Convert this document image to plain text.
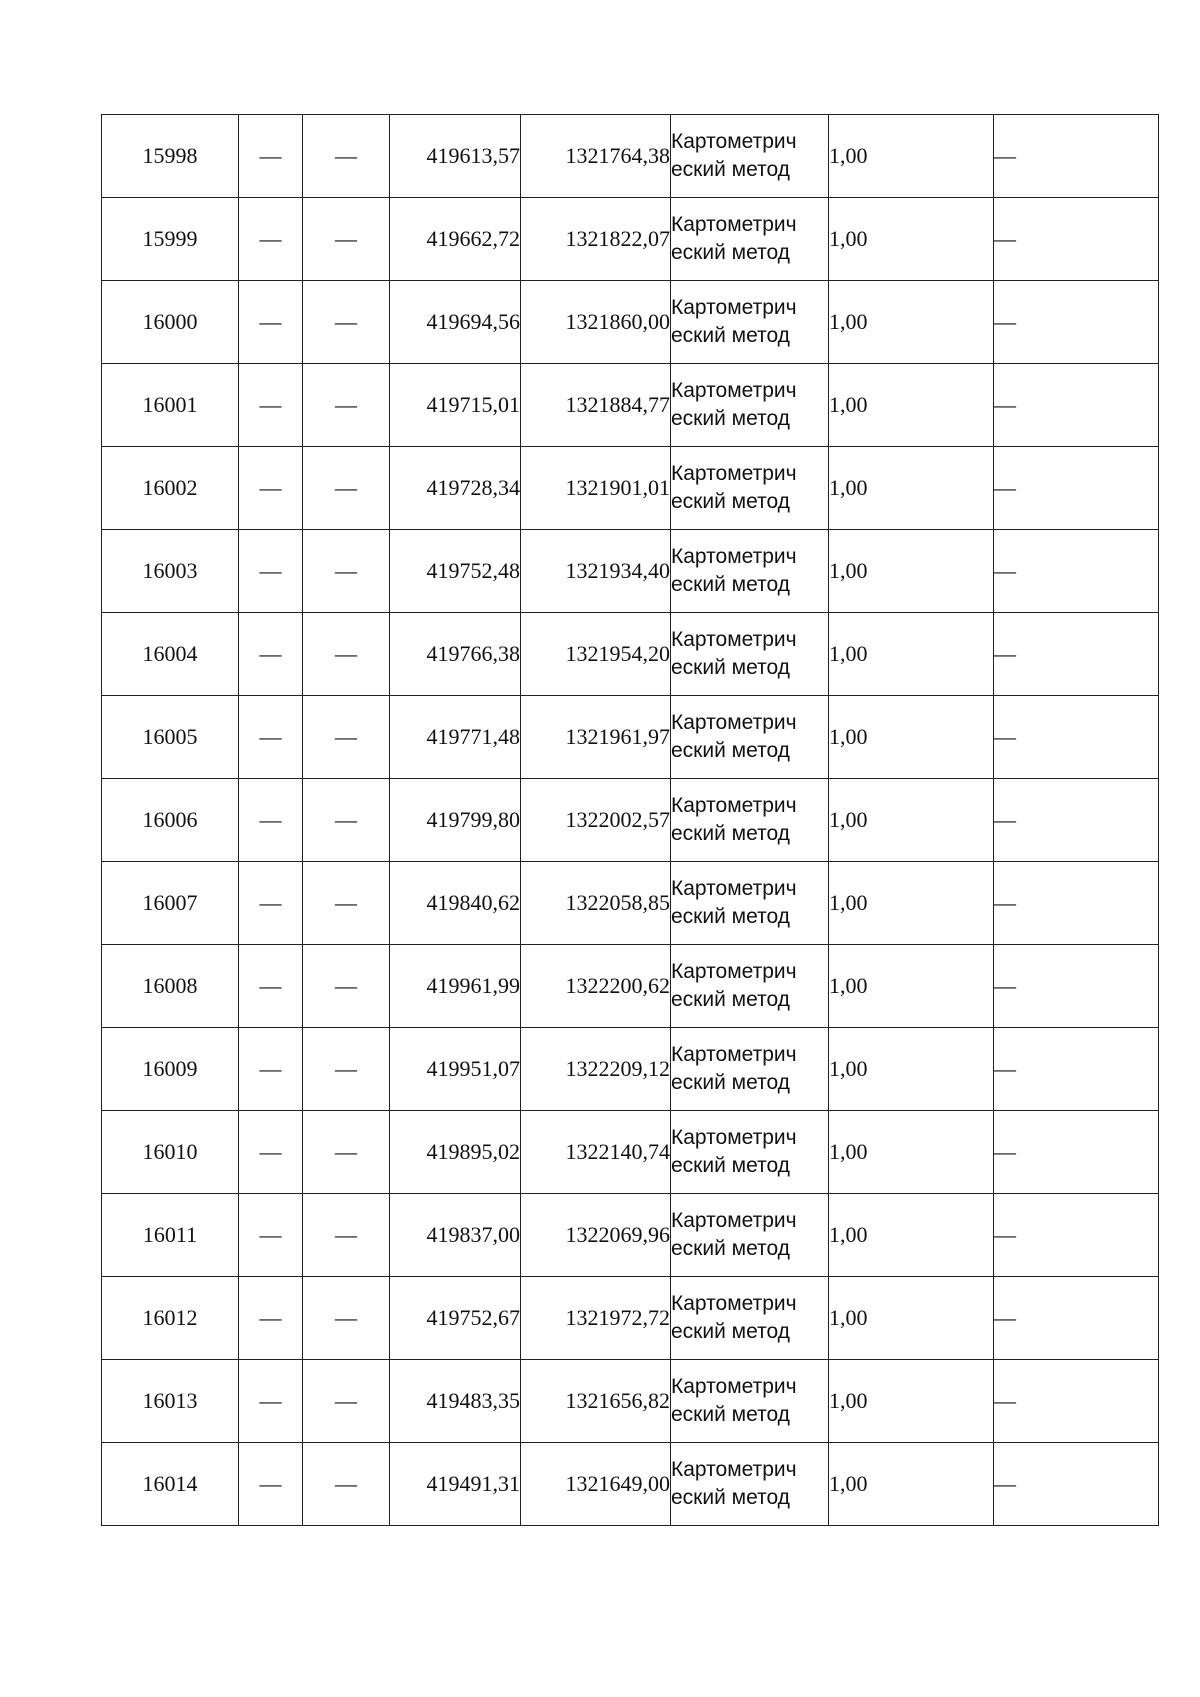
15998	—	—	419613,57	1321764,38	Картометрический метод	1,00	—
15999	—	—	419662,72	1321822,07	Картометрический метод	1,00	—
16000	—	—	419694,56	1321860,00	Картометрический метод	1,00	—
16001	—	—	419715,01	1321884,77	Картометрический метод	1,00	—
16002	—	—	419728,34	1321901,01	Картометрический метод	1,00	—
16003	—	—	419752,48	1321934,40	Картометрический метод	1,00	—
16004	—	—	419766,38	1321954,20	Картометрический метод	1,00	—
16005	—	—	419771,48	1321961,97	Картометрический метод	1,00	—
16006	—	—	419799,80	1322002,57	Картометрический метод	1,00	—
16007	—	—	419840,62	1322058,85	Картометрический метод	1,00	—
16008	—	—	419961,99	1322200,62	Картометрический метод	1,00	—
16009	—	—	419951,07	1322209,12	Картометрический метод	1,00	—
16010	—	—	419895,02	1322140,74	Картометрический метод	1,00	—
16011	—	—	419837,00	1322069,96	Картометрический метод	1,00	—
16012	—	—	419752,67	1321972,72	Картометрический метод	1,00	—
16013	—	—	419483,35	1321656,82	Картометрический метод	1,00	—
16014	—	—	419491,31	1321649,00	Картометрический метод	1,00	—
